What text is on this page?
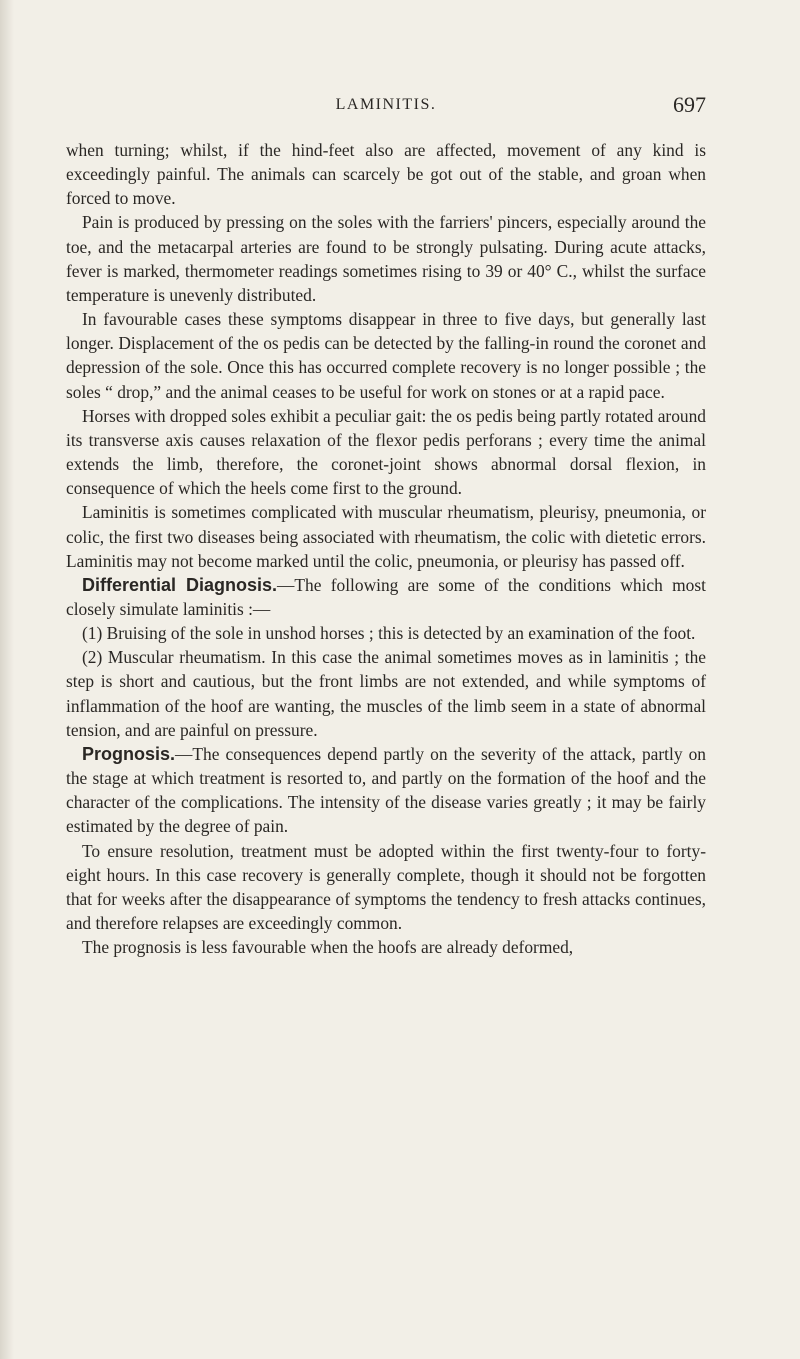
LAMINITIS.	697

when turning; whilst, if the hind-feet also are affected, movement of any kind is exceedingly painful. The animals can scarcely be got out of the stable, and groan when forced to move.

Pain is produced by pressing on the soles with the farriers' pincers, especially around the toe, and the metacarpal arteries are found to be strongly pulsating. During acute attacks, fever is marked, thermometer readings sometimes rising to 39 or 40° C., whilst the surface temperature is unevenly distributed.

In favourable cases these symptoms disappear in three to five days, but generally last longer. Displacement of the os pedis can be detected by the falling-in round the coronet and depression of the sole. Once this has occurred complete recovery is no longer possible ; the soles “ drop,” and the animal ceases to be useful for work on stones or at a rapid pace.

Horses with dropped soles exhibit a peculiar gait: the os pedis being partly rotated around its transverse axis causes relaxation of the flexor pedis perforans ; every time the animal extends the limb, therefore, the coronet-joint shows abnormal dorsal flexion, in consequence of which the heels come first to the ground.

Laminitis is sometimes complicated with muscular rheumatism, pleurisy, pneumonia, or colic, the first two diseases being associated with rheumatism, the colic with dietetic errors. Laminitis may not become marked until the colic, pneumonia, or pleurisy has passed off.

Differential Diagnosis.—The following are some of the conditions which most closely simulate laminitis :—

(1) Bruising of the sole in unshod horses ; this is detected by an examination of the foot.

(2) Muscular rheumatism. In this case the animal sometimes moves as in laminitis ; the step is short and cautious, but the front limbs are not extended, and while symptoms of inflammation of the hoof are wanting, the muscles of the limb seem in a state of abnormal tension, and are painful on pressure.

Prognosis.—The consequences depend partly on the severity of the attack, partly on the stage at which treatment is resorted to, and partly on the formation of the hoof and the character of the complications. The intensity of the disease varies greatly ; it may be fairly estimated by the degree of pain.

To ensure resolution, treatment must be adopted within the first twenty-four to forty-eight hours. In this case recovery is generally complete, though it should not be forgotten that for weeks after the disappearance of symptoms the tendency to fresh attacks continues, and therefore relapses are exceedingly common.

The prognosis is less favourable when the hoofs are already deformed,
